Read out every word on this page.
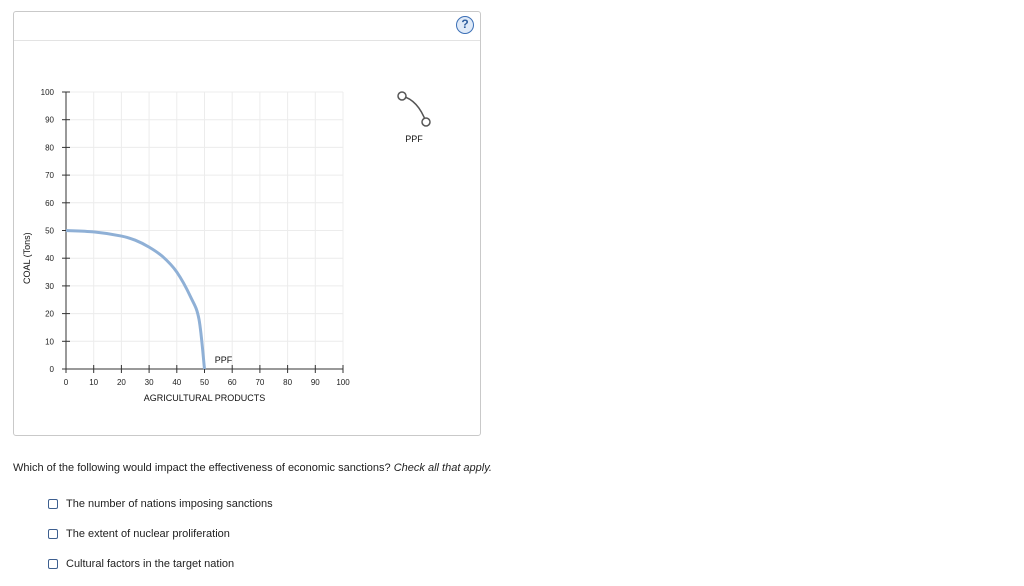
?
0	10 20 30 40 50 60 70 80 90 100
0
10
20
30
40
50
60
70
80
90
100
AGRICULTURAL PRODUCTS
COAL (Tons)
PPF
PPF
Which of the following would impact the effectiveness of economic sanctions? Check all that apply.
The number of nations imposing sanctions
The extent of nuclear proliferation
Cultural factors in the target nation
